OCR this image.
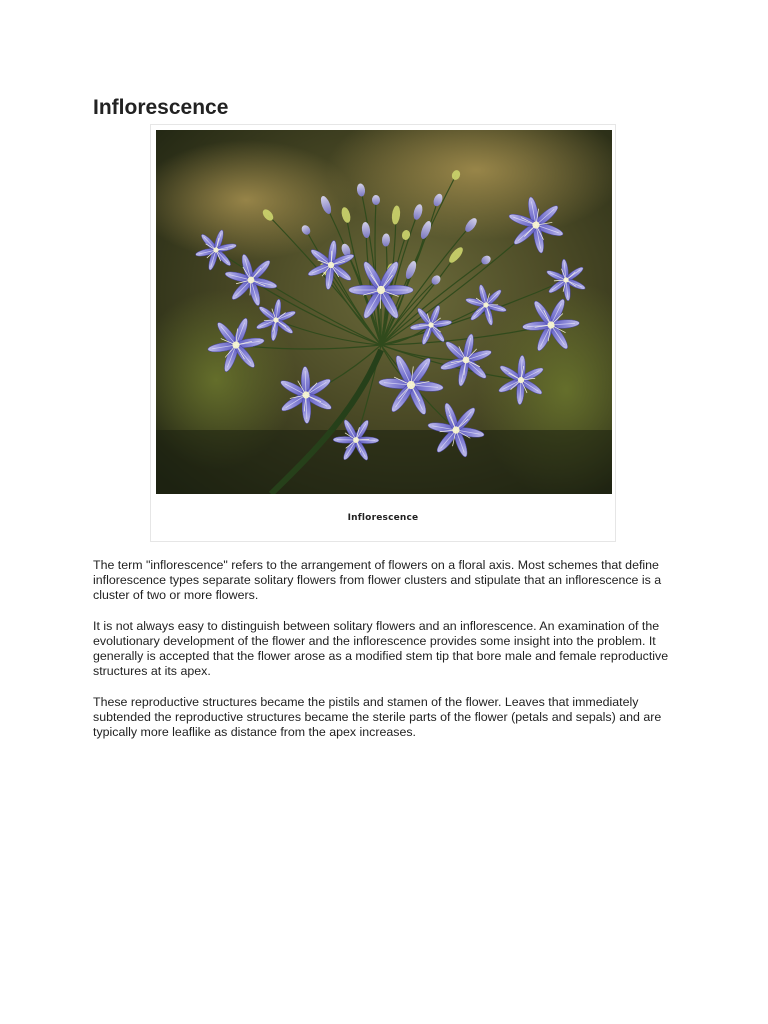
Inflorescence
Inflorescence

The term "inflorescence" refers to the arrangement of flowers on a floral axis. Most schemes that define inflorescence types separate solitary flowers from flower clusters and stipulate that an inflorescence is a cluster of two or more flowers.

It is not always easy to distinguish between solitary flowers and an inflorescence. An examination of the evolutionary development of the flower and the inflorescence provides some insight into the problem. It generally is accepted that the flower arose as a modified stem tip that bore male and female reproductive structures at its apex.

These reproductive structures became the pistils and stamen of the flower. Leaves that immediately subtended the reproductive structures became the sterile parts of the flower (petals and sepals) and are typically more leaflike as distance from the apex increases.
